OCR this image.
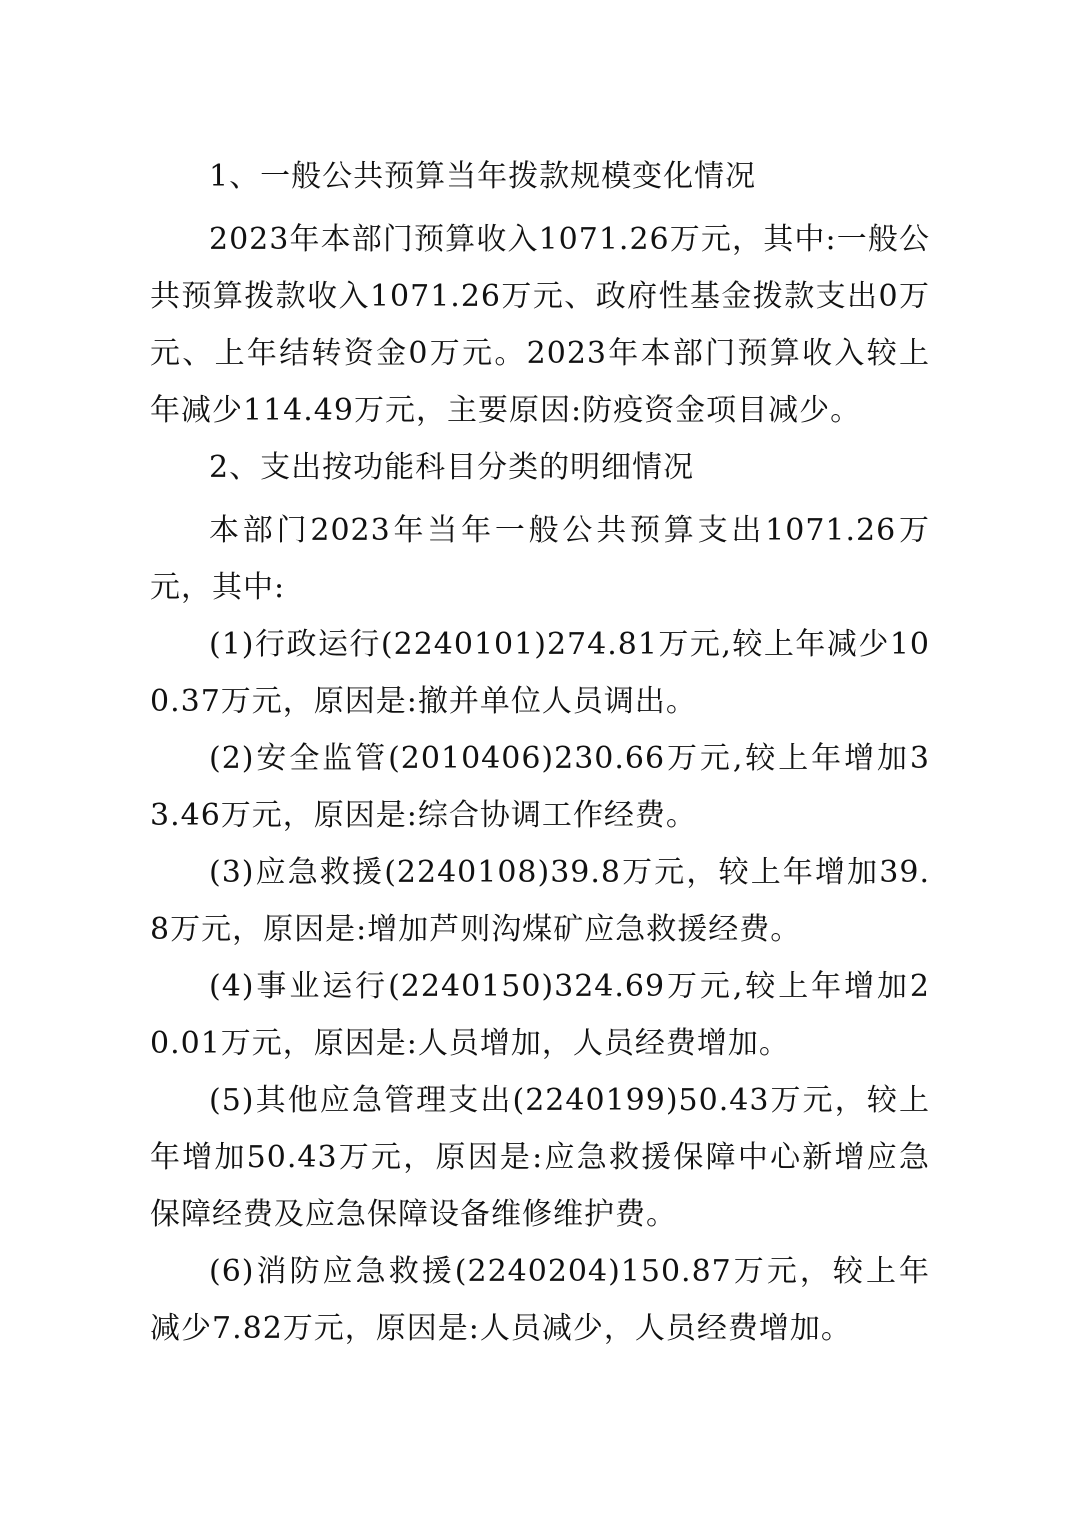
1、一般公共预算当年拨款规模变化情况

2023年本部门预算收入1071.26万元，其中:一般公共预算拨款收入1071.26万元、政府性基金拨款支出0万元、上年结转资金0万元。2023年本部门预算收入较上年减少114.49万元，主要原因:防疫资金项目减少。

2、支出按功能科目分类的明细情况

本部门2023年当年一般公共预算支出1071.26万元，其中:

(1)行政运行(2240101)274.81万元,较上年减少100.37万元，原因是:撤并单位人员调出。

(2)安全监管(2010406)230.66万元,较上年增加33.46万元，原因是:综合协调工作经费。

(3)应急救援(2240108)39.8万元，较上年增加39.8万元，原因是:增加芦则沟煤矿应急救援经费。

(4)事业运行(2240150)324.69万元,较上年增加20.01万元，原因是:人员增加，人员经费增加。

(5)其他应急管理支出(2240199)50.43万元，较上年增加50.43万元，原因是:应急救援保障中心新增应急保障经费及应急保障设备维修维护费。

(6)消防应急救援(2240204)150.87万元，较上年减少7.82万元，原因是:人员减少，人员经费增加。
